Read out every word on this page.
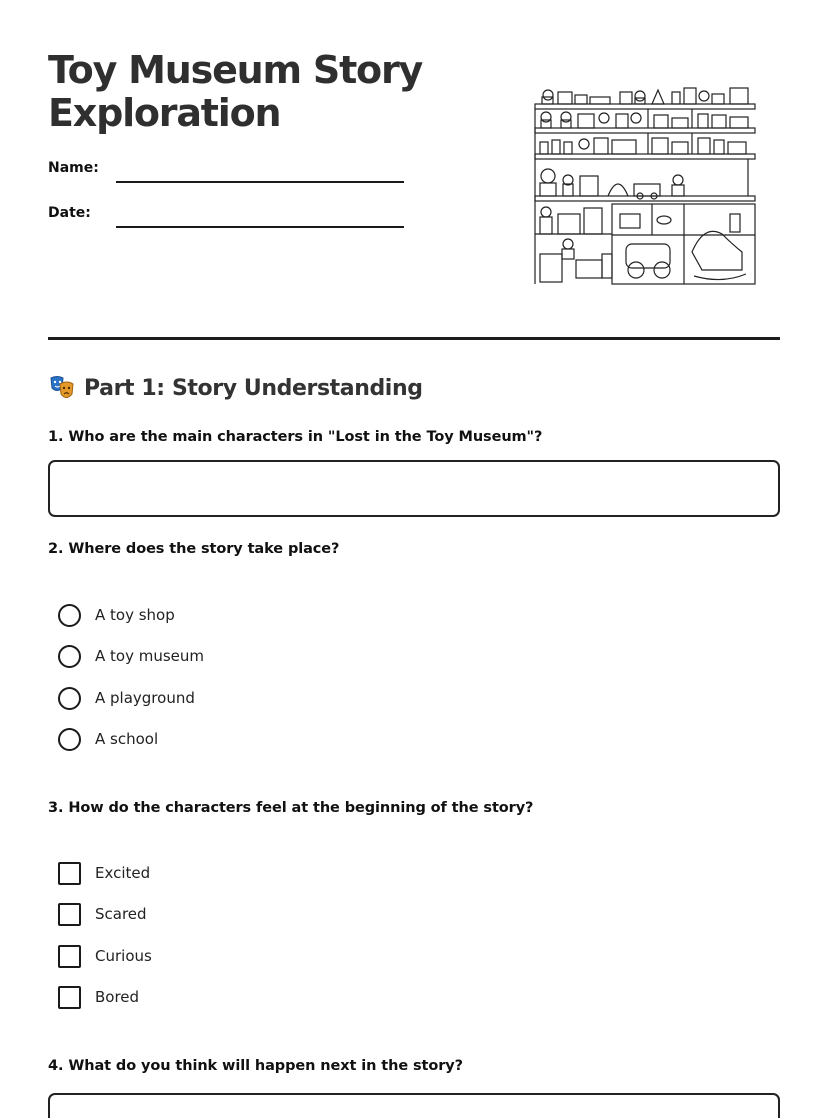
Toy Museum Story Exploration
Name:
Date:
Part 1: Story Understanding
1. Who are the main characters in "Lost in the Toy Museum"?
2. Where does the story take place?
A toy shop
A toy museum
A playground
A school
3. How do the characters feel at the beginning of the story?
Excited
Scared
Curious
Bored
4. What do you think will happen next in the story?
